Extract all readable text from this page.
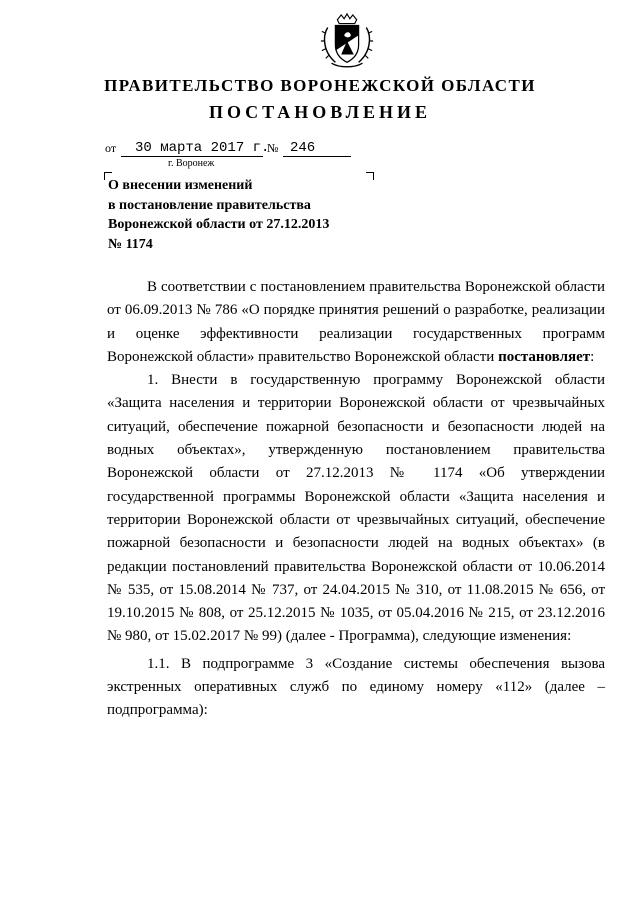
ПРАВИТЕЛЬСТВО ВОРОНЕЖСКОЙ ОБЛАСТИ
ПОСТАНОВЛЕНИЕ
от 30 марта 2017 г.
№ 246
г. Воронеж
О внесении изменений
в постановление правительства
Воронежской области от 27.12.2013
№ 1174

В соответствии с постановлением правительства Воронежской области от 06.09.2013 № 786 «О порядке принятия решений о разработке, реализации и оценке эффективности реализации государственных программ Воронежской области» правительство Воронежской области постановляет:

1. Внести в государственную программу Воронежской области «Защита населения и территории Воронежской области от чрезвычайных ситуаций, обеспечение пожарной безопасности и безопасности людей на водных объектах», утвержденную постановлением правительства Воронежской области от 27.12.2013 № 1174 «Об утверждении государственной программы Воронежской области «Защита населения и территории Воронежской области от чрезвычайных ситуаций, обеспечение пожарной безопасности и безопасности людей на водных объектах» (в редакции постановлений правительства Воронежской области от 10.06.2014 № 535, от 15.08.2014 № 737, от 24.04.2015 № 310, от 11.08.2015 № 656, от 19.10.2015 № 808, от 25.12.2015 № 1035, от 05.04.2016 № 215, от 23.12.2016 № 980, от 15.02.2017 № 99) (далее - Программа), следующие изменения:

1.1. В подпрограмме 3 «Создание системы обеспечения вызова экстренных оперативных служб по единому номеру «112» (далее – подпрограмма):
